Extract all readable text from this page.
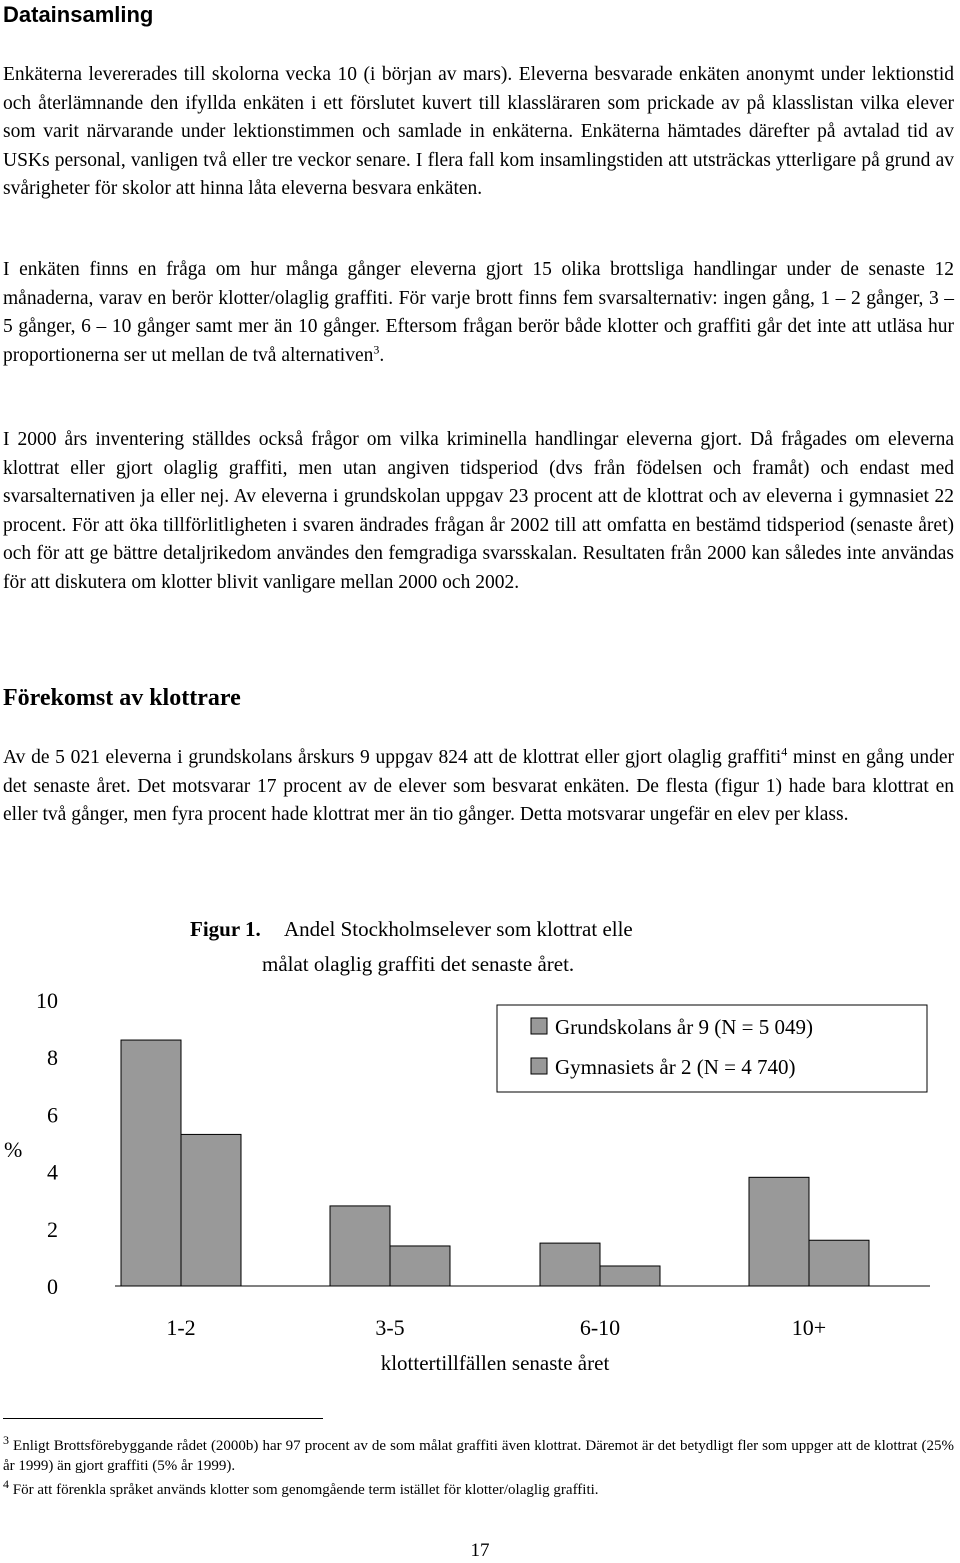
Datainsamling

Enkäterna levererades till skolorna vecka 10 (i början av mars). Eleverna besvarade enkäten anonymt under lektionstid och återlämnande den ifyllda enkäten i ett förslutet kuvert till klassläraren som prickade av på klasslistan vilka elever som varit närvarande under lektionstimmen och samlade in enkäterna. Enkäterna hämtades därefter på avtalad tid av USKs personal, vanligen två eller tre veckor senare. I flera fall kom insamlingstiden att utsträckas ytterligare på grund av svårigheter för skolor att hinna låta eleverna besvara enkäten.

I enkäten finns en fråga om hur många gånger eleverna gjort 15 olika brottsliga handlingar under de senaste 12 månaderna, varav en berör klotter/olaglig graffiti. För varje brott finns fem svarsalternativ: ingen gång, 1 – 2 gånger, 3 – 5 gånger, 6 – 10 gånger samt mer än 10 gånger. Eftersom frågan berör både klotter och graffiti går det inte att utläsa hur proportionerna ser ut mellan de två alternativen$^3$.

I 2000 års inventering ställdes också frågor om vilka kriminella handlingar eleverna gjort. Då frågades om eleverna klottrat eller gjort olaglig graffiti, men utan angiven tidsperiod (dvs från födelsen och framåt) och endast med svarsalternativen ja eller nej. Av eleverna i grundskolan uppgav 23 procent att de klottrat och av eleverna i gymnasiet 22 procent. För att öka tillförlitligheten i svaren ändrades frågan år 2002 till att omfatta en bestämd tidsperiod (senaste året) och för att ge bättre detaljrikedom användes den femgradiga svarsskalan. Resultaten från 2000 kan således inte användas för att diskutera om klotter blivit vanligare mellan 2000 och 2002.

Förekomst av klottrare

Av de 5 021 eleverna i grundskolans årskurs 9 uppgav 824 att de klottrat eller gjort olaglig graffiti$^4$ minst en gång under det senaste året. Det motsvarar 17 procent av de elever som besvarat enkäten. De flesta (figur 1) hade bara klottrat en eller två gånger, men fyra procent hade klottrat mer än tio gånger. Detta motsvarar ungefär en elev per klass.

Figur 1. Andel Stockholmselever som klottrat elle
målat olaglig graffiti det senaste året.
%
0
2
4
6
8
10
1-2	3-5	6-10	10+
klottertillfällen senaste året
Grundskolans år 9 (N = 5 049)
Gymnasiets år 2 (N = 4 740)

$^3$ Enligt Brottsförebyggande rådet (2000b) har 97 procent av de som målat graffiti även klottrat. Däremot är det betydligt fler som uppger att de klottrat (25% år 1999) än gjort graffiti (5% år 1999).

$^4$ För att förenkla språket används klotter som genomgående term istället för klotter/olaglig graffiti.

17
